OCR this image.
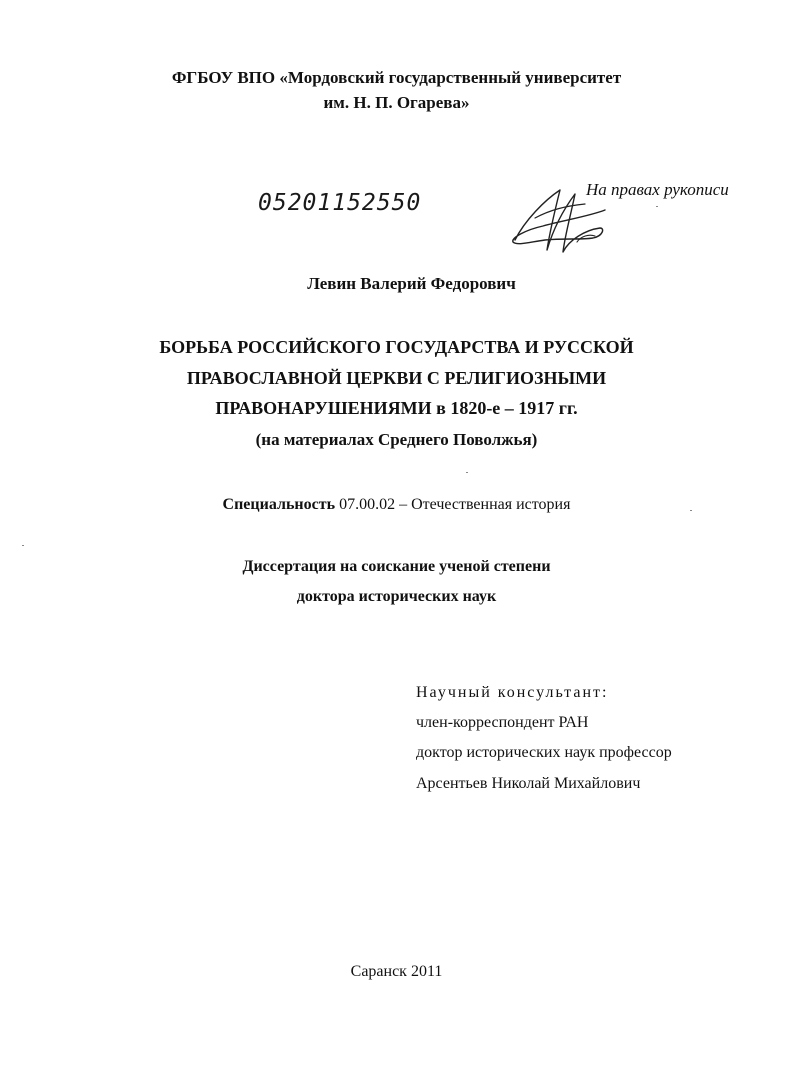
ФГБОУ ВПО «Мордовский государственный университет
им. Н. П. Огарева»
05201152550
На правах рукописи
Левин Валерий Федорович
БОРЬБА РОССИЙСКОГО ГОСУДАРСТВА И РУССКОЙ
ПРАВОСЛАВНОЙ ЦЕРКВИ С РЕЛИГИОЗНЫМИ
ПРАВОНАРУШЕНИЯМИ в 1820-е – 1917 гг.
(на материалах Среднего Поволжья)
Специальность 07.00.02 – Отечественная история
Диссертация на соискание ученой степени
доктора исторических наук
Научный консультант:
член-корреспондент РАН
доктор исторических наук профессор
Арсентьев Николай Михайлович
Саранск 2011
